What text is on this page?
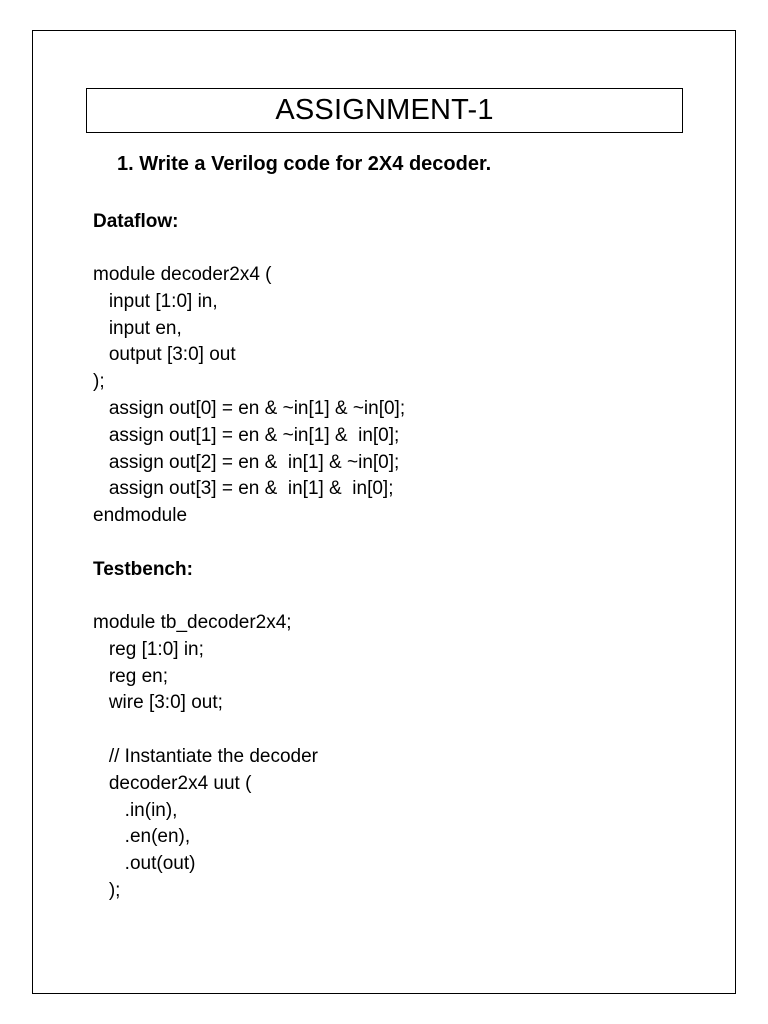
ASSIGNMENT-1
1. Write a Verilog code for 2X4 decoder.
Dataflow:
module decoder2x4 (
input [1:0] in,
input en,
output [3:0] out
);
assign out[0] = en & ~in[1] & ~in[0];
assign out[1] = en & ~in[1] &  in[0];
assign out[2] = en &  in[1] & ~in[0];
assign out[3] = en &  in[1] &  in[0];
endmodule
Testbench:
module tb_decoder2x4;
reg [1:0] in;
reg en;
wire [3:0] out;
// Instantiate the decoder
decoder2x4 uut (
.in(in),
.en(en),
.out(out)
);
